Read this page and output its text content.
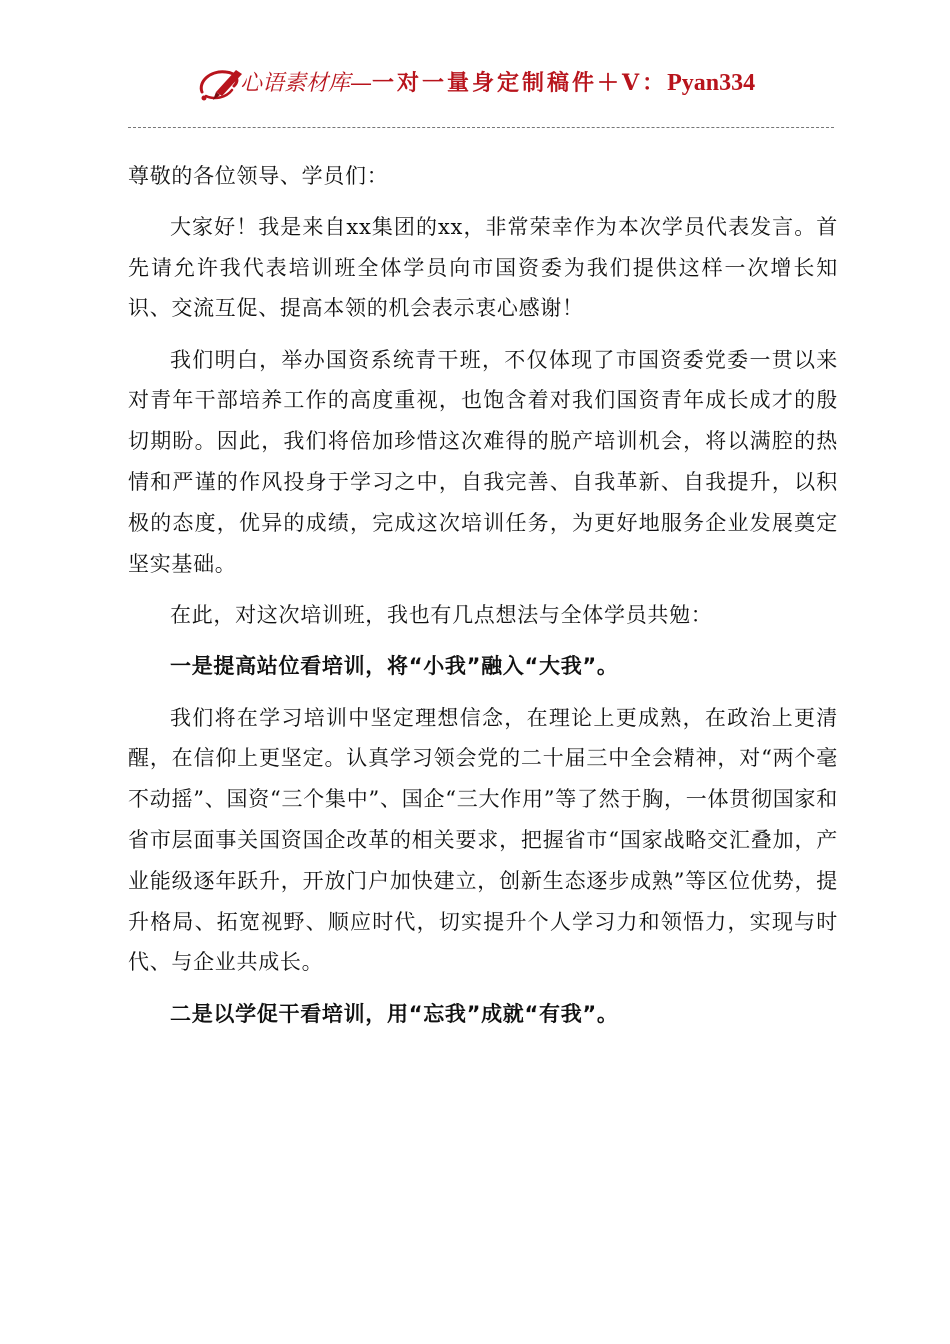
心语素材库—一对一量身定制稿件＋V：Pyan334

尊敬的各位领导、学员们：

大家好！我是来自xx集团的xx，非常荣幸作为本次学员代表发言。首先请允许我代表培训班全体学员向市国资委为我们提供这样一次增长知识、交流互促、提高本领的机会表示衷心感谢！

我们明白，举办国资系统青干班，不仅体现了市国资委党委一贯以来对青年干部培养工作的高度重视，也饱含着对我们国资青年成长成才的殷切期盼。因此，我们将倍加珍惜这次难得的脱产培训机会，将以满腔的热情和严谨的作风投身于学习之中，自我完善、自我革新、自我提升，以积极的态度，优异的成绩，完成这次培训任务，为更好地服务企业发展奠定坚实基础。

在此，对这次培训班，我也有几点想法与全体学员共勉：

一是提高站位看培训，将“小我”融入“大我”。

我们将在学习培训中坚定理想信念，在理论上更成熟，在政治上更清醒，在信仰上更坚定。认真学习领会党的二十届三中全会精神，对“两个毫不动摇”、国资“三个集中”、国企“三大作用”等了然于胸，一体贯彻国家和省市层面事关国资国企改革的相关要求，把握省市“国家战略交汇叠加，产业能级逐年跃升，开放门户加快建立，创新生态逐步成熟”等区位优势，提升格局、拓宽视野、顺应时代，切实提升个人学习力和领悟力，实现与时代、与企业共成长。

二是以学促干看培训，用“忘我”成就“有我”。
